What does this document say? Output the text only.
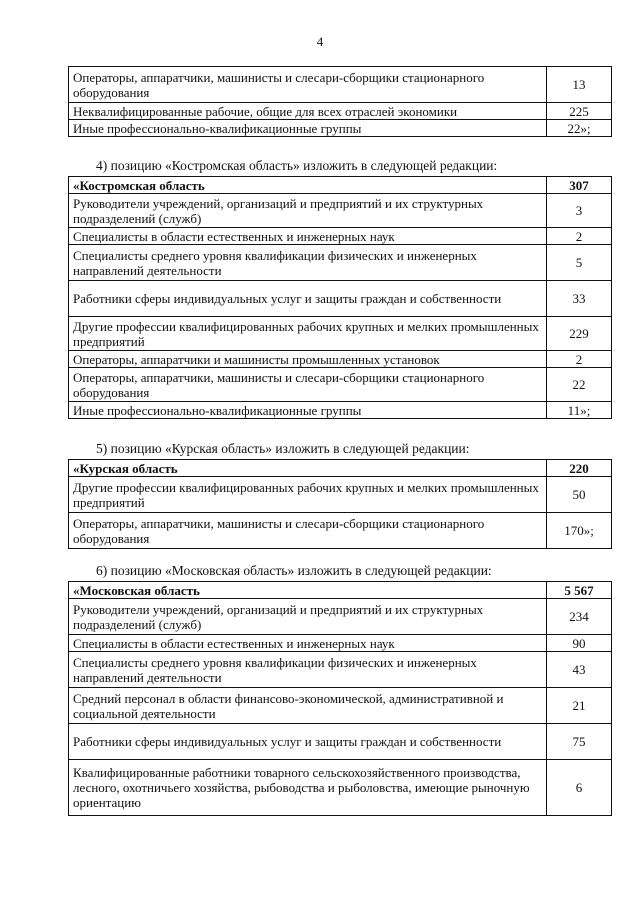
4
Операторы, аппаратчики, машинисты и слесари-сборщики стационарного оборудования	13
Неквалифицированные рабочие, общие для всех отраслей экономики	225
Иные профессионально-квалификационные группы	22»;
4) позицию «Костромская область» изложить в следующей редакции:
«Костромская область	307
Руководители учреждений, организаций и предприятий и их структурных подразделений (служб)	3
Специалисты в области естественных и инженерных наук	2
Специалисты среднего уровня квалификации физических и инженерных направлений деятельности	5
Работники сферы индивидуальных услуг и защиты граждан и собственности	33
Другие профессии квалифицированных рабочих крупных и мелких промышленных предприятий	229
Операторы, аппаратчики и машинисты промышленных установок	2
Операторы, аппаратчики, машинисты и слесари-сборщики стационарного оборудования	22
Иные профессионально-квалификационные группы	11»;
5) позицию «Курская область» изложить в следующей редакции:
«Курская область	220
Другие профессии квалифицированных рабочих крупных и мелких промышленных предприятий	50
Операторы, аппаратчики, машинисты и слесари-сборщики стационарного оборудования	170»;
6) позицию «Московская область» изложить в следующей редакции:
«Московская область	5 567
Руководители учреждений, организаций и предприятий и их структурных подразделений (служб)	234
Специалисты в области естественных и инженерных наук	90
Специалисты среднего уровня квалификации физических и инженерных направлений деятельности	43
Средний персонал в области финансово-экономической, административной и социальной деятельности	21
Работники сферы индивидуальных услуг и защиты граждан и собственности	75
Квалифицированные работники товарного сельскохозяйственного производства, лесного, охотничьего хозяйства, рыбоводства и рыболовства, имеющие рыночную ориентацию	6
